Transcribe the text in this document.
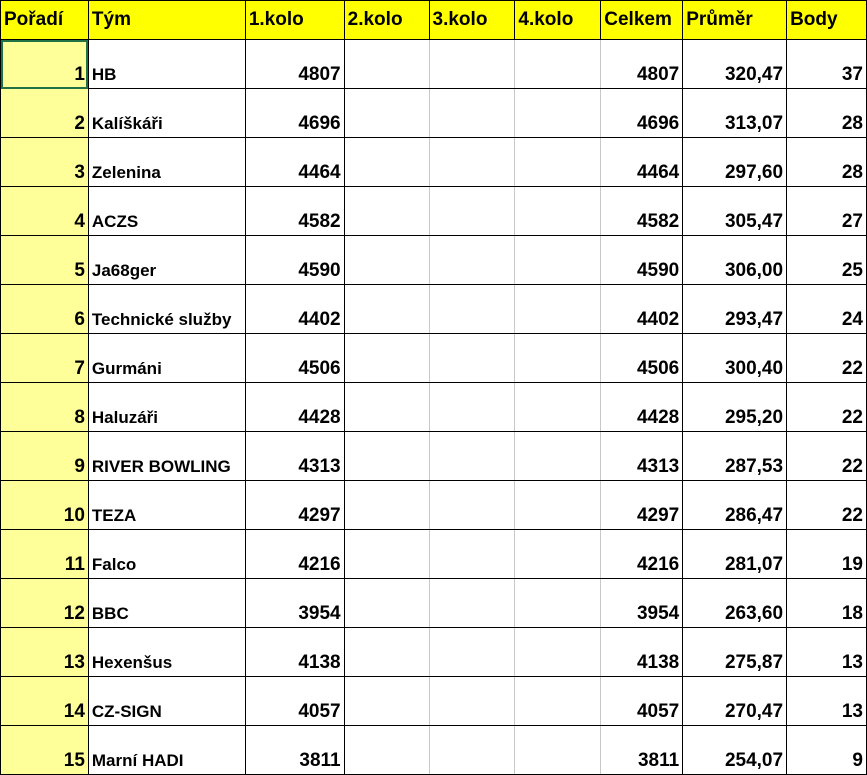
Pořadí	Tým	1.kolo	2.kolo	3.kolo	4.kolo	Celkem	Průměr	Body
1	HB	4807				4807	320,47	37
2	Kalíškáři	4696				4696	313,07	28
3	Zelenina	4464				4464	297,60	28
4	ACZS	4582				4582	305,47	27
5	Ja68ger	4590				4590	306,00	25
6	Technické služby	4402				4402	293,47	24
7	Gurmáni	4506				4506	300,40	22
8	Haluzáři	4428				4428	295,20	22
9	RIVER BOWLING	4313				4313	287,53	22
10	TEZA	4297				4297	286,47	22
11	Falco	4216				4216	281,07	19
12	BBC	3954				3954	263,60	18
13	Hexenšus	4138				4138	275,87	13
14	CZ-SIGN	4057				4057	270,47	13
15	Marní HADI	3811				3811	254,07	9
